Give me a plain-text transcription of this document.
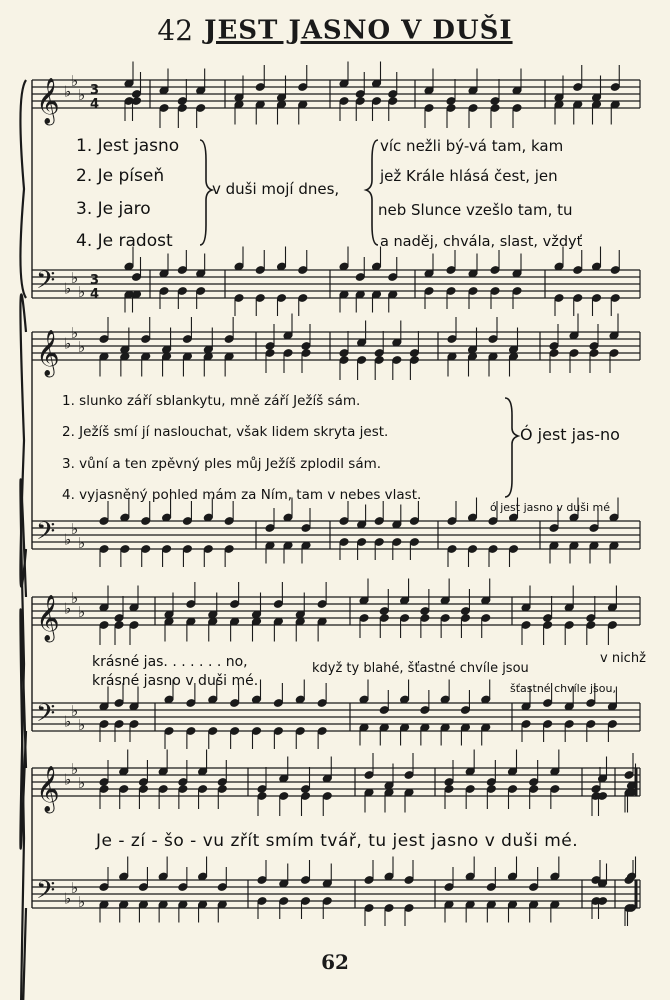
42 JEST JASNO V DUŠI
𝄞
𝄢
♭
♭
♭
♭
♭
♭
3
4
3
4
𝄞
𝄢
♭
♭
♭
♭
♭
♭
𝄞
𝄢
♭
♭
♭
♭
♭
♭
𝄞
𝄢
♭
♭
♭
♭
♭
♭
1. Jest jasno
2. Je píseň
3. Je jaro
4. Je radost
v duši mojí dnes,
víc nežli bý-vá tam, kam
jež Krále hlásá čest, jen
neb Slunce vzešlo tam, tu
a naděj, chvála, slast, vždyť
1. slunko září sblankytu, mně září Ježíš sám.
2. Ježíš smí jí naslouchat, však lidem skryta jest.
3. vůní a ten zpěvný ples můj Ježíš zplodil sám.
4. vyjasněný pohled mám za Ním, tam v nebes vlast.
Ó jest jas-no
ó jest jasno v duši mé
krásné jas. . . . . . . no,
krásné jasno v duši mé.
když ty blahé, šťastné chvíle jsou
v nichž
šťastné chvíle jsou,
Je - zí - šo - vu zřít smím tvář, tu jest jasno v duši mé.
62
